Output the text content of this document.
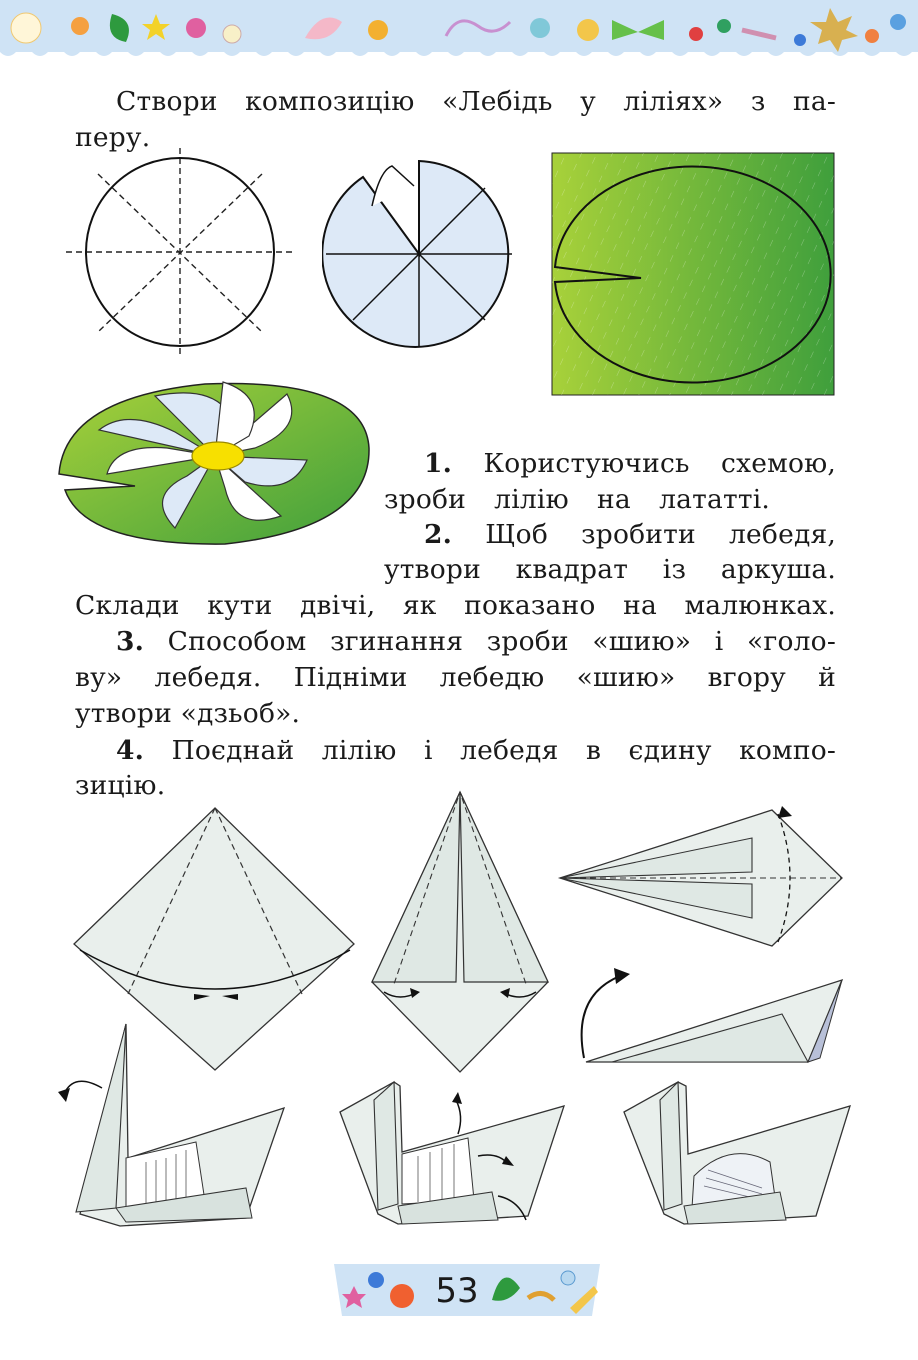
Створи композицію «Лебідь у ліліях» з па-
перу.
1. Користуючись схемою,
зроби лілію на лататті.
2. Щоб зробити лебедя,
утвори квадрат із аркуша.
Склади кути двічі, як показано на малюнках.
3. Способом згинання зроби «шию» і «голо-
ву» лебедя. Підніми лебедю «шию» вгору й
утвори «дзьоб».
4. Поєднай лілію і лебедя в єдину компо-
зицію.
53
